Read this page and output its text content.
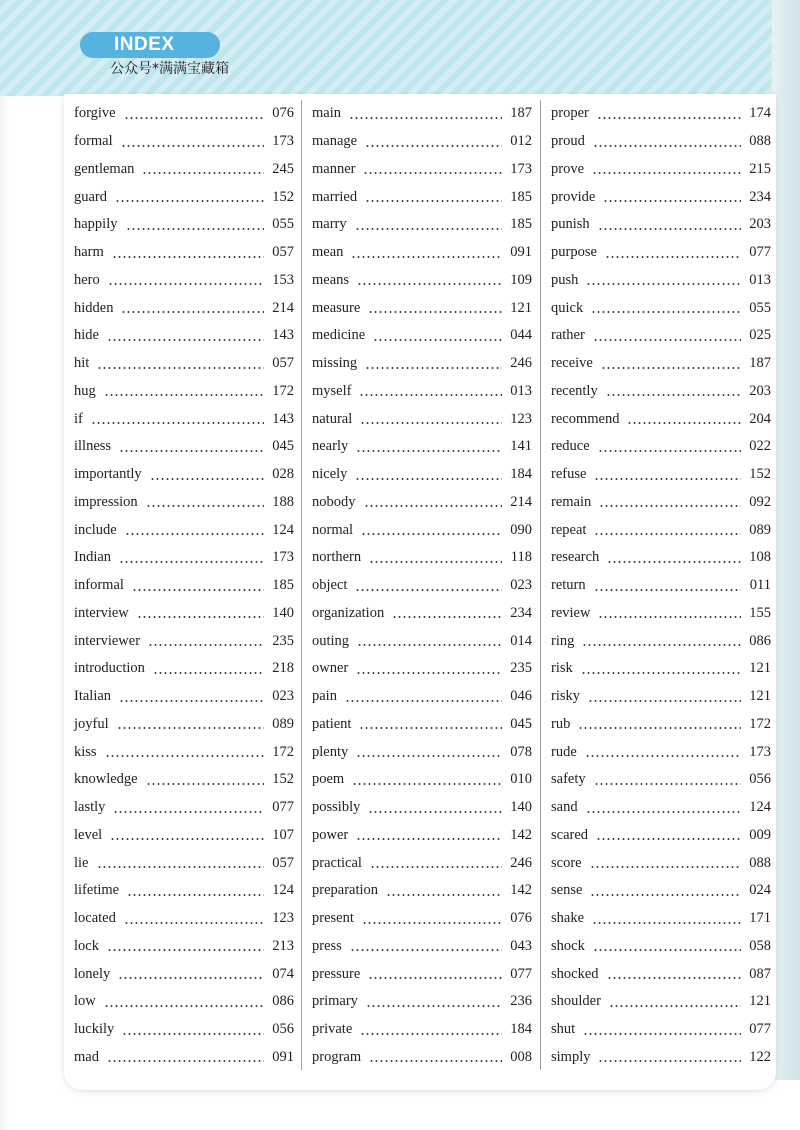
INDEX
公众号*满满宝藏箱
forgive	076
formal	173
gentleman	245
guard	152
happily	055
harm	057
hero	153
hidden	214
hide	143
hit	057
hug	172
if	143
illness	045
importantly	028
impression	188
include	124
Indian	173
informal	185
interview	140
interviewer	235
introduction	218
Italian	023
joyful	089
kiss	172
knowledge	152
lastly	077
level	107
lie	057
lifetime	124
located	123
lock	213
lonely	074
low	086
luckily	056
mad	091
main	187
manage	012
manner	173
married	185
marry	185
mean	091
means	109
measure	121
medicine	044
missing	246
myself	013
natural	123
nearly	141
nicely	184
nobody	214
normal	090
northern	118
object	023
organization	234
outing	014
owner	235
pain	046
patient	045
plenty	078
poem	010
possibly	140
power	142
practical	246
preparation	142
present	076
press	043
pressure	077
primary	236
private	184
program	008
proper	174
proud	088
prove	215
provide	234
punish	203
purpose	077
push	013
quick	055
rather	025
receive	187
recently	203
recommend	204
reduce	022
refuse	152
remain	092
repeat	089
research	108
return	011
review	155
ring	086
risk	121
risky	121
rub	172
rude	173
safety	056
sand	124
scared	009
score	088
sense	024
shake	171
shock	058
shocked	087
shoulder	121
shut	077
simply	122
